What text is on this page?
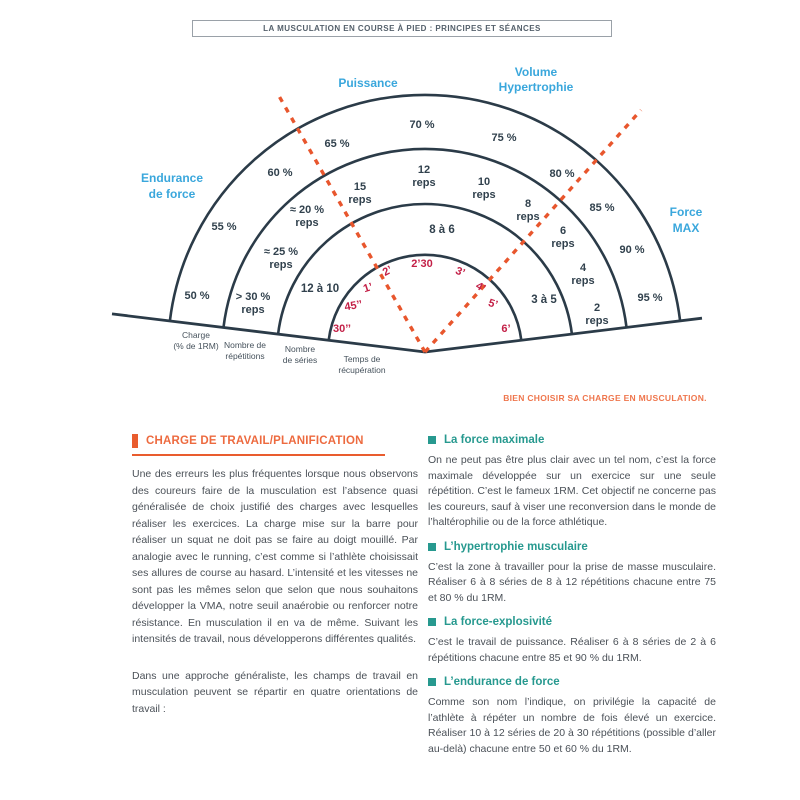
LA MUSCULATION EN COURSE À PIED : PRINCIPES ET SÉANCES
Puissance
Volume
Hypertrophie
Endurance
de force
Force
MAX
50 %
55 %
60 %
65 %
70 %
75 %
80 %
85 %
90 %
95 %
> 30 %
reps
≈ 25 %
reps
≈ 20 %
reps
15
reps
12
reps	10
reps
8
reps
6
reps
4
reps
2
reps
12 à 10
8 à 6
3 à 5
30’’
45’’
1’
2’ 2’30
3’
4’
5’
6’
Charge
(% de 1RM) Nombre de
répétitions
Nombre
de séries	Temps de
récupération
BIEN CHOISIR SA CHARGE EN MUSCULATION.
CHARGE DE TRAVAIL/PLANIFICATION

Une des erreurs les plus fréquentes lorsque nous observons des coureurs faire de la musculation est l’absence quasi généralisée de choix justifié des charges avec lesquelles réaliser les exercices. La charge mise sur la barre pour réaliser un squat ne doit pas se faire au doigt mouillé. Par analogie avec le running, c’est comme si l’athlète choisissait ses allures de course au hasard. L’intensité et les vitesses ne sont pas les mêmes selon que selon que nous souhaitons développer la VMA, notre seuil anaérobie ou renforcer notre résistance. En musculation il en va de même. Suivant les intensités de travail, nous développerons différentes qualités.

Dans une approche généraliste, les champs de travail en musculation peuvent se répartir en quatre orientations de travail :

La force maximale

On ne peut pas être plus clair avec un tel nom, c’est la force maximale développée sur un exercice sur une seule répétition. C’est le fameux 1RM. Cet objectif ne concerne pas les coureurs, sauf à viser une reconversion dans le monde de l’haltérophilie ou de la force athlétique.

L’hypertrophie musculaire

C’est la zone à travailler pour la prise de masse musculaire. Réaliser 6 à 8 séries de 8 à 12 répétitions chacune entre 75 et 80 % du 1RM.

La force-explosivité

C’est le travail de puissance. Réaliser 6 à 8 séries de 2 à 6 répétitions chacune entre 85 et 90 % du 1RM.

L’endurance de force

Comme son nom l’indique, on privilégie la capacité de l’athlète à répéter un nombre de fois élevé un exercice. Réaliser 10 à 12 séries de 20 à 30 répétitions (possible d’aller au-delà) chacune entre 50 et 60 % du 1RM.
